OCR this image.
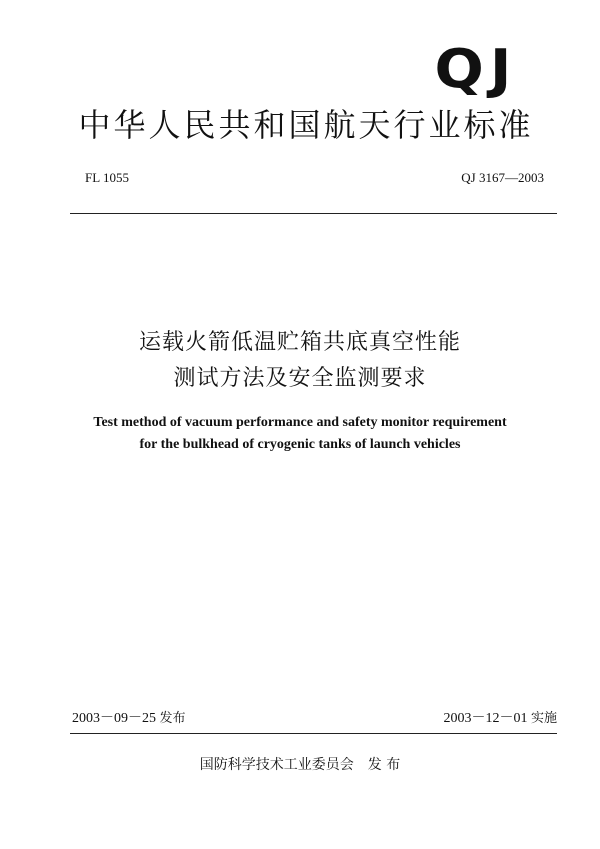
QJ
中华人民共和国航天行业标准
FL 1055	QJ 3167—2003
运载火箭低温贮箱共底真空性能
测试方法及安全监测要求
Test method of vacuum performance and safety monitor requirement
for the bulkhead of cryogenic tanks of launch vehicles
2003－09－25 发布	2003－12－01 实施
国防科学技术工业委员会 发 布
